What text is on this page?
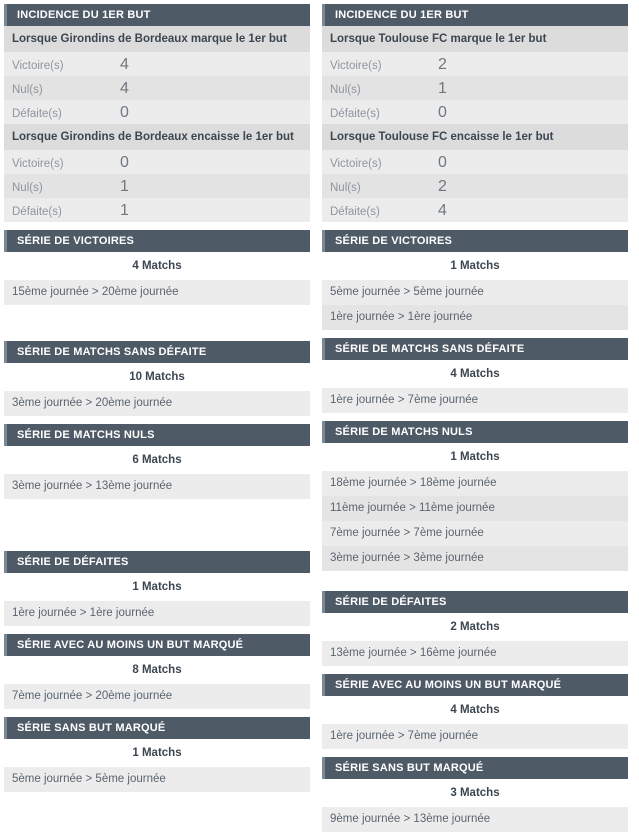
INCIDENCE DU 1ER BUT
Lorsque Girondins de Bordeaux marque le 1er but
Victoire(s)	4
Nul(s)	4
Défaite(s)	0
Lorsque Girondins de Bordeaux encaisse le 1er but
Victoire(s)	0
Nul(s)	1
Défaite(s)	1
SÉRIE DE VICTOIRES
4 Matchs
15ème journée > 20ème journée
SÉRIE DE MATCHS SANS DÉFAITE
10 Matchs
3ème journée > 20ème journée
SÉRIE DE MATCHS NULS
6 Matchs
3ème journée > 13ème journée
SÉRIE DE DÉFAITES
1 Matchs
1ère journée > 1ère journée
SÉRIE AVEC AU MOINS UN BUT MARQUÉ
8 Matchs
7ème journée > 20ème journée
SÉRIE SANS BUT MARQUÉ
1 Matchs
5ème journée > 5ème journée
INCIDENCE DU 1ER BUT
Lorsque Toulouse FC marque le 1er but
Victoire(s)	2
Nul(s)	1
Défaite(s)	0
Lorsque Toulouse FC encaisse le 1er but
Victoire(s)	0
Nul(s)	2
Défaite(s)	4
SÉRIE DE VICTOIRES
1 Matchs
5ème journée > 5ème journée
1ère journée > 1ère journée
SÉRIE DE MATCHS SANS DÉFAITE
4 Matchs
1ère journée > 7ème journée
SÉRIE DE MATCHS NULS
1 Matchs
18ème journée > 18ème journée
11ème journée > 11ème journée
7ème journée > 7ème journée
3ème journée > 3ème journée
SÉRIE DE DÉFAITES
2 Matchs
13ème journée > 16ème journée
SÉRIE AVEC AU MOINS UN BUT MARQUÉ
4 Matchs
1ère journée > 7ème journée
SÉRIE SANS BUT MARQUÉ
3 Matchs
9ème journée > 13ème journée
